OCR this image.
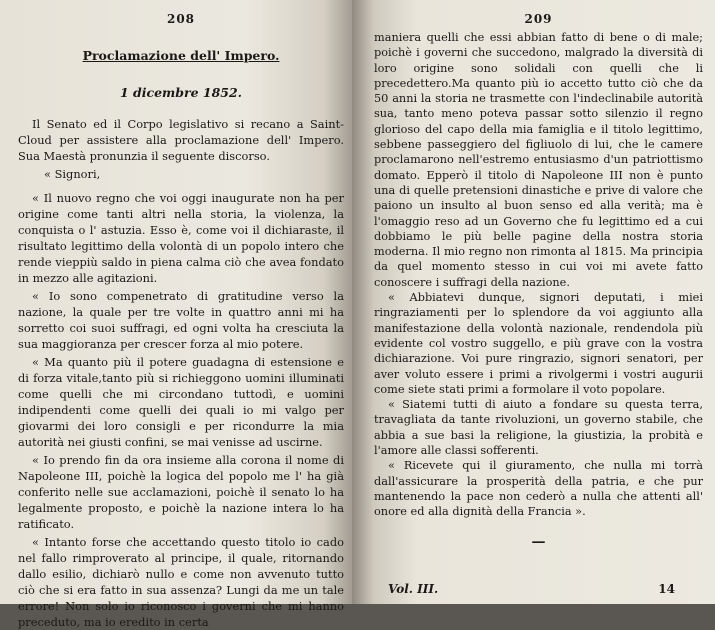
208
Proclamazione dell' Impero.
1 dicembre 1852.

Il Senato ed il Corpo legislativo si recano a Saint-Cloud per assistere alla proclamazione dell' Impero. Sua Maestà pronunzia il seguente discorso.

« Signori,

« Il nuovo regno che voi oggi inaugurate non ha per origine come tanti altri nella storia, la violenza, la conquista o l' astuzia. Esso è, come voi il dichiaraste, il risultato legittimo della volontà di un popolo intero che rende vieppiù saldo in piena calma ciò che avea fondato in mezzo alle agitazioni.

« Io sono compenetrato di gratitudine verso la nazione, la quale per tre volte in quattro anni mi ha sorretto coi suoi suffragi, ed ogni volta ha cresciuta la sua maggioranza per crescer forza al mio potere.

« Ma quanto più il potere guadagna di estensione e di forza vitale,tanto più si richieggono uomini illuminati come quelli che mi circondano tuttodì, e uomini indipendenti come quelli dei quali io mi valgo per giovarmi dei loro consigli e per ricondurre la mia autorità nei giusti confini, se mai venisse ad uscirne.

« Io prendo fin da ora insieme alla corona il nome di Napoleone III, poichè la logica del popolo me l' ha già conferito nelle sue acclamazioni, poichè il senato lo ha legalmente proposto, e poichè la nazione intera lo ha ratificato.

« Intanto forse che accettando questo titolo io cado nel fallo rimproverato al principe, il quale, ritornando dallo esilio, dichiarò nullo e come non avvenuto tutto ciò che si era fatto in sua assenza? Lungi da me un tale errore! Non solo io riconosco i governi che mi hanno preceduto, ma io eredito in certa

209

maniera quelli che essi abbian fatto di bene o di male; poichè i governi che succedono, malgrado la diversità di loro origine sono solidali con quelli che li precedettero.Ma quanto più io accetto tutto ciò che da 50 anni la storia ne trasmette con l'indeclinabile autorità sua, tanto meno poteva passar sotto silenzio il regno glorioso del capo della mia famiglia e il titolo legittimo, sebbene passeggiero del figliuolo di lui, che le camere proclamarono nell'estremo entusiasmo d'un patriottismo domato. Epperò il titolo di Napoleone III non è punto una di quelle pretensioni dinastiche e prive di valore che paiono un insulto al buon senso ed alla verità; ma è l'omaggio reso ad un Governo che fu legittimo ed a cui dobbiamo le più belle pagine della nostra storia moderna. Il mio regno non rimonta al 1815. Ma principia da quel momento stesso in cui voi mi avete fatto conoscere i suffragi della nazione.

« Abbiatevi dunque, signori deputati, i miei ringraziamenti per lo splendore da voi aggiunto alla manifestazione della volontà nazionale, rendendola più evidente col vostro suggello, e più grave con la vostra dichiarazione. Voi pure ringrazio, signori senatori, per aver voluto essere i primi a rivolgermi i vostri augurii come siete stati primi a formolare il voto popolare.

« Siatemi tutti di aiuto a fondare su questa terra, travagliata da tante rivoluzioni, un governo stabile, che abbia a sue basi la religione, la giustizia, la probità e l'amore alle classi sofferenti.

« Ricevete qui il giuramento, che nulla mi torrà dall'assicurare la prosperità della patria, e che pur mantenendo la pace non cederò a nulla che attenti all' onore ed alla dignità della Francia ».

—
Vol. III.	14
